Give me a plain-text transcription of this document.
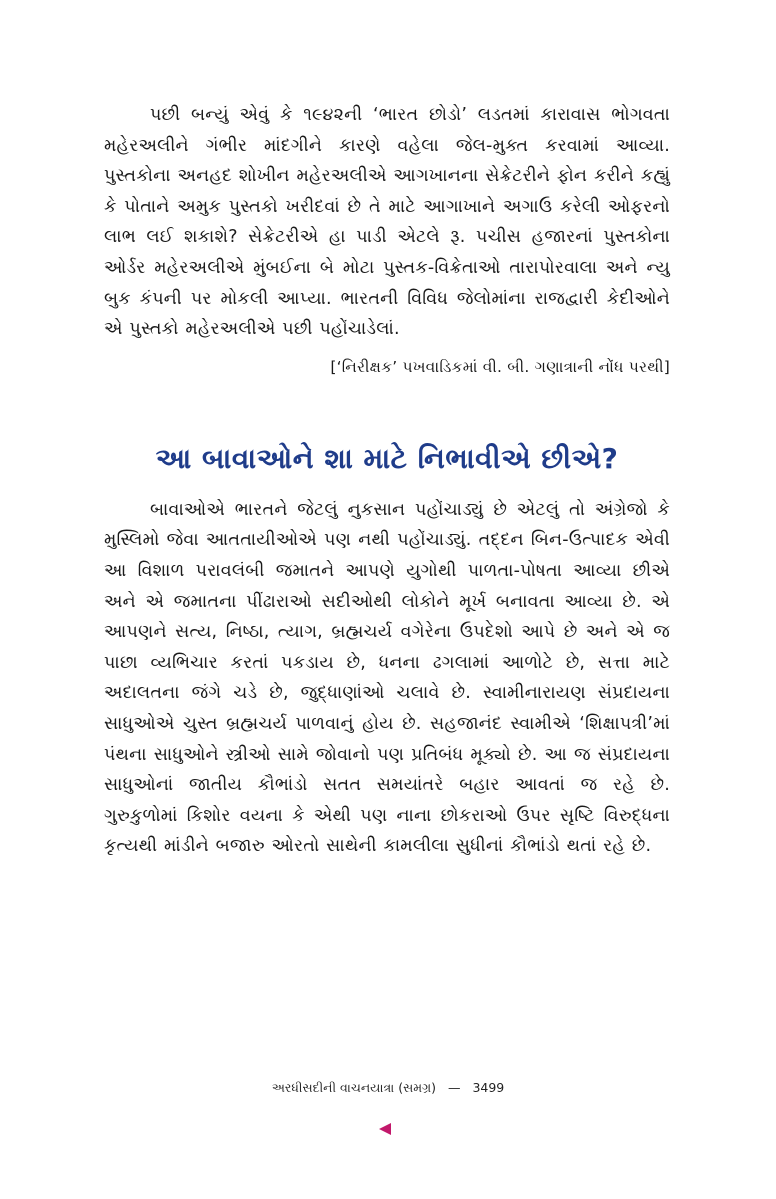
પછી બન્યું એવું કે ૧૯૪૨ની ‘ભારત છોડો’ લડતમાં કારાવાસ ભોગવતા મહેરઅલીને ગંભીર માંદગીને કારણે વહેલા જેલ-મુક્ત કરવામાં આવ્યા. પુસ્તકોના અનહદ શોખીન મહેરઅલીએ આગખાનના સેક્રેટરીને ફોન કરીને કહ્યું કે પોતાને અમુક પુસ્તકો ખરીદવાં છે તે માટે આગાખાને અગાઉ કરેલી ઓફરનો લાભ લઈ શકાશે? સેક્રેટરીએ હા પાડી એટલે રૂ. પચીસ હજારનાં પુસ્તકોના ઓર્ડર મહેરઅલીએ મુંબઈના બે મોટા પુસ્તક-વિક્રેતાઓ તારાપોરવાલા અને ન્યુ બુક કંપની પર મોકલી આપ્યા. ભારતની વિવિધ જેલોમાંના રાજદ્વારી કેદીઓને એ પુસ્તકો મહેરઅલીએ પછી પહોંચાડેલાં.

[‘નિરીક્ષક’ પખવાડિકમાં વી. બી. ગણાત્રાની નોંધ પરથી]

આ બાવાઓને શા માટે નિભાવીએ છીએ?

બાવાઓએ ભારતને જેટલું નુકસાન પહોંચાડ્યું છે એટલું તો અંગ્રેજો કે મુસ્લિમો જેવા આતતાયીઓએ પણ નથી પહોંચાડ્યું. તદ્દન બિન-ઉત્પાદક એવી આ વિશાળ પરાવલંબી જમાતને આપણે યુગોથી પાળતા-પોષતા આવ્યા છીએ અને એ જમાતના પીંઢારાઓ સદીઓથી લોકોને મૂર્ખ બનાવતા આવ્યા છે. એ આપણને સત્ય, નિષ્ઠા, ત્યાગ, બ્રહ્મચર્ય વગેરેના ઉપદેશો આપે છે અને એ જ પાછા વ્યભિચાર કરતાં પકડાય છે, ધનના ઢગલામાં આળોટે છે, સત્તા માટે અદાલતના જંગે ચડે છે, જુદ્ધાણાંઓ ચલાવે છે. સ્વામીનારાયણ સંપ્રદાયના સાધુઓએ ચુસ્ત બ્રહ્મચર્ય પાળવાનું હોય છે. સહજાનંદ સ્વામીએ ‘શિક્ષાપત્રી’માં પંથના સાધુઓને સ્ત્રીઓ સામે જોવાનો પણ પ્રતિબંધ મૂક્યો છે. આ જ સંપ્રદાયના સાધુઓનાં જાતીય કૌભાંડો સતત સમયાંતરે બહાર આવતાં જ રહે છે. ગુરુકુળોમાં કિશોર વયના કે એથી પણ નાના છોકરાઓ ઉપર સૃષ્ટિ વિરુદ્ધના કૃત્યથી માંડીને બજારુ ઓરતો સાથેની કામલીલા સુધીનાં કૌભાંડો થતાં રહે છે.

અરધીસદીની વાચનયાત્રા (સમગ્ર) — 3499
